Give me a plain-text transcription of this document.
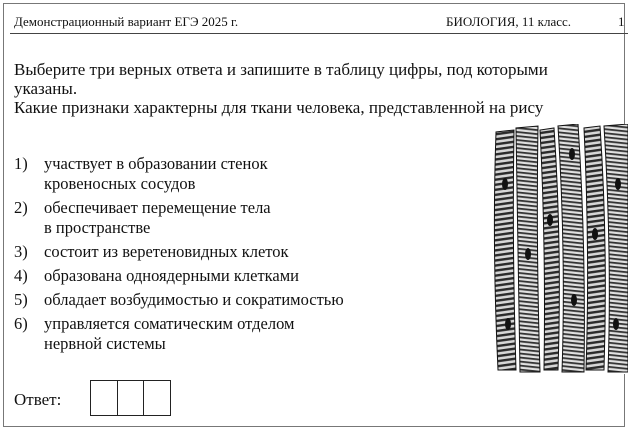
Демонстрационный вариант ЕГЭ 2025 г.	БИОЛОГИЯ, 11 класс.	1
Выберите три верных ответа и запишите в таблицу цифры, под которыми
указаны.
Какие признаки характерны для ткани человека, представленной на рису
1) участвует в образовании стенок
кровеносных сосудов
2) обеспечивает перемещение тела
в пространстве
3) состоит из веретеновидных клеток
4) образована одноядерными клетками
5) обладает возбудимостью и сократимостью
6) управляется соматическим отделом
нервной системы
Ответ:
